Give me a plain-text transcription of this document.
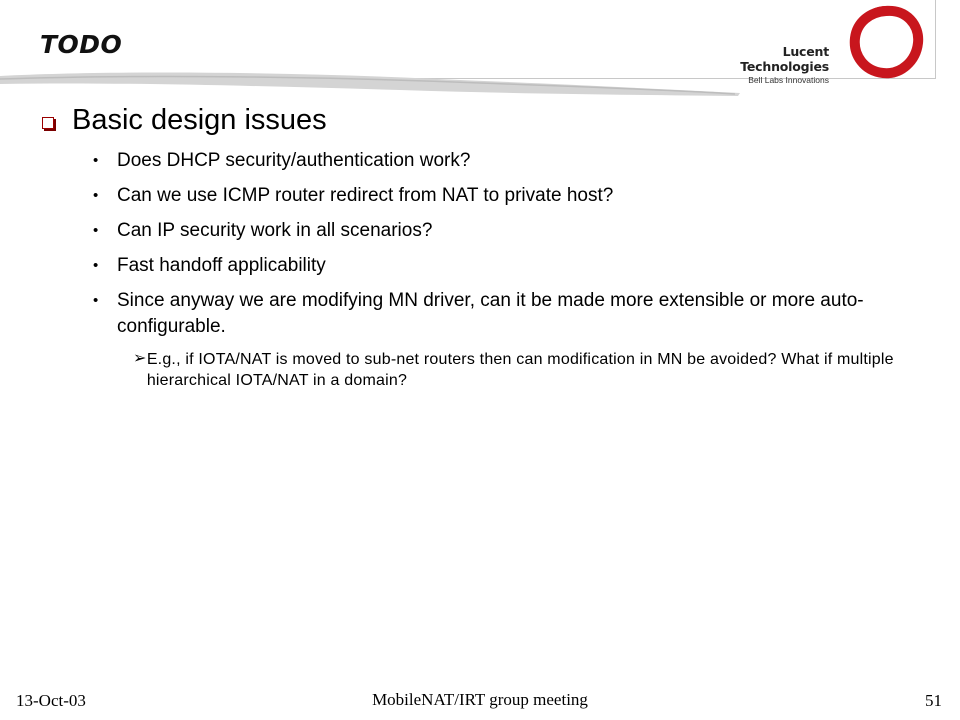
TODO	Lucent Technologies
Bell Labs Innovations
Basic design issues
• Does DHCP security/authentication work?
• Can we use ICMP router redirect from NAT to private host?
• Can IP security work in all scenarios?
• Fast handoff applicability
• Since anyway we are modifying MN driver, can it be made more extensible or more auto-configurable.
➢ E.g., if IOTA/NAT is moved to sub-net routers then can modification in MN be avoided? What if multiple hierarchical IOTA/NAT in a domain?
13-Oct-03	MobileNAT/IRT group meeting	51
